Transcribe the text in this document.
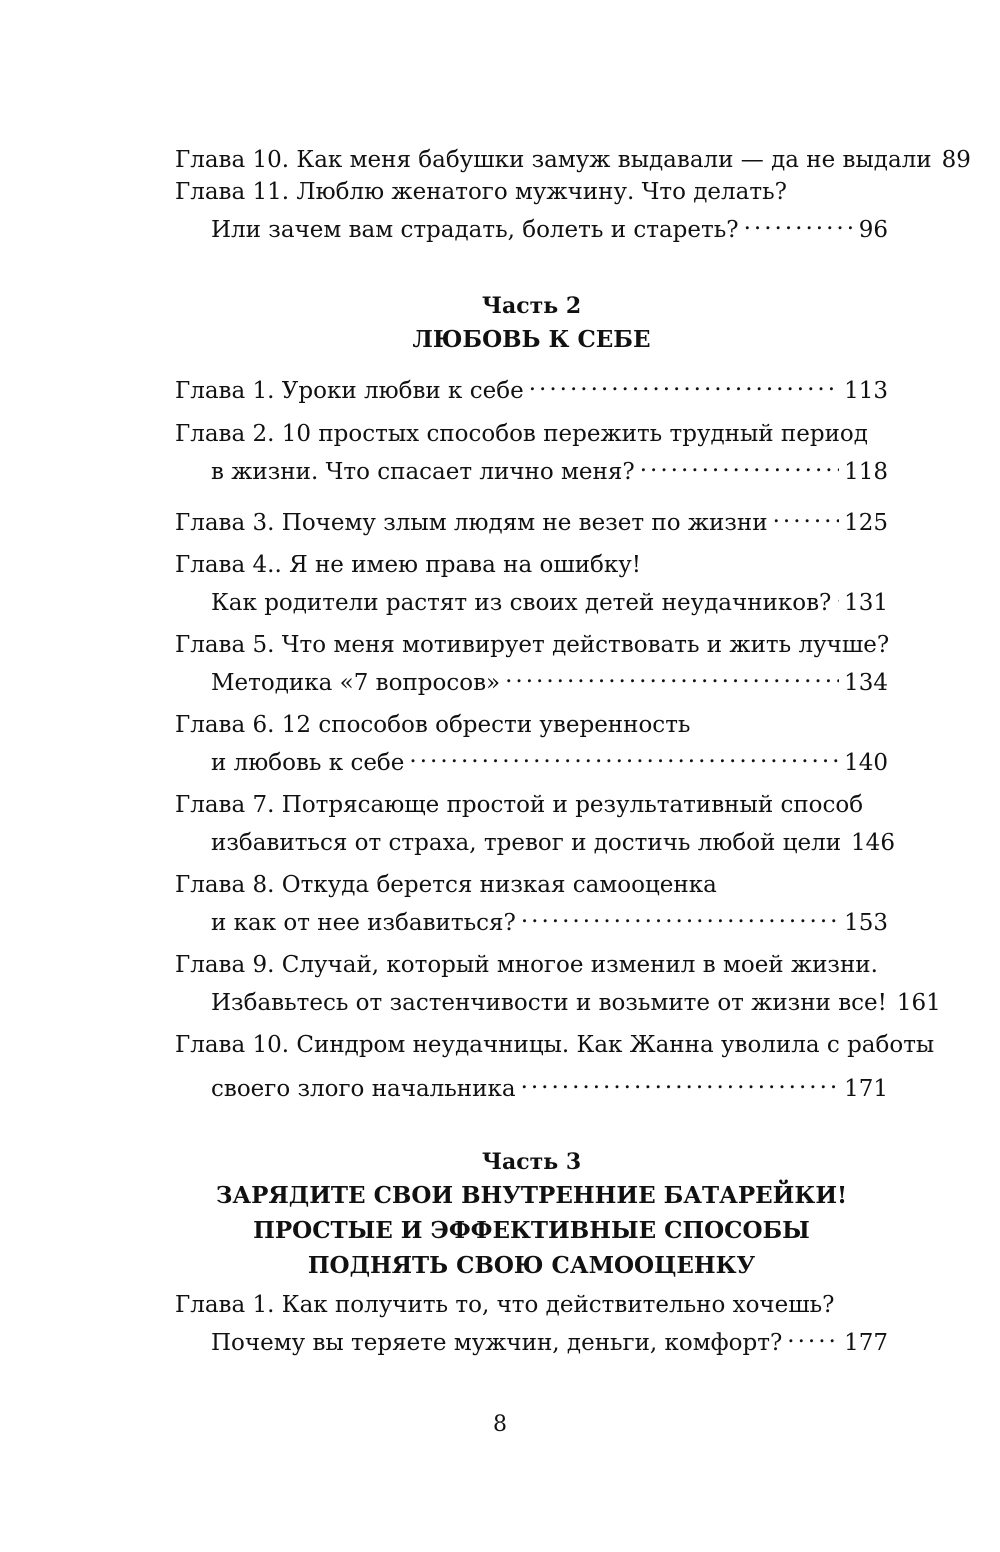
Глава 10. Как меня бабушки замуж выдавали — да не выдали 89
Глава 11. Люблю женатого мужчину. Что делать?
Или зачем вам страдать, болеть и стареть? .....	96
Часть 2
ЛЮБОВЬ К СЕБЕ
Глава 1. Уроки любви к себе .....	113
Глава 2. 10 простых способов пережить трудный период
в жизни. Что спасает лично меня? .....	118
Глава 3. Почему злым людям не везет по жизни .....	125
Глава 4.. Я не имею права на ошибку!
Как родители растят из своих детей неудачников? ..... 131
Глава 5. Что меня мотивирует действовать и жить лучше?
Методика «7 вопросов» .....	134
Глава 6. 12 способов обрести уверенность
и любовь к себе .....	140
Глава 7. Потрясающе простой и результативный способ
избавиться от страха, тревог и достичь любой цели 146
Глава 8. Откуда берется низкая самооценка
и как от нее избавиться? .....	153
Глава 9. Случай, который многое изменил в моей жизни.
Избавьтесь от застенчивости и возьмите от жизни все! 161
Глава 10. Синдром неудачницы. Как Жанна уволила с работы
своего злого начальника .....	171
Часть 3
ЗАРЯДИТЕ СВОИ ВНУТРЕННИЕ БАТАРЕЙКИ!
ПРОСТЫЕ И ЭФФЕКТИВНЫЕ СПОСОБЫ
ПОДНЯТЬ СВОЮ САМООЦЕНКУ
Глава 1. Как получить то, что действительно хочешь?
Почему вы теряете мужчин, деньги, комфорт? .....	177
8
